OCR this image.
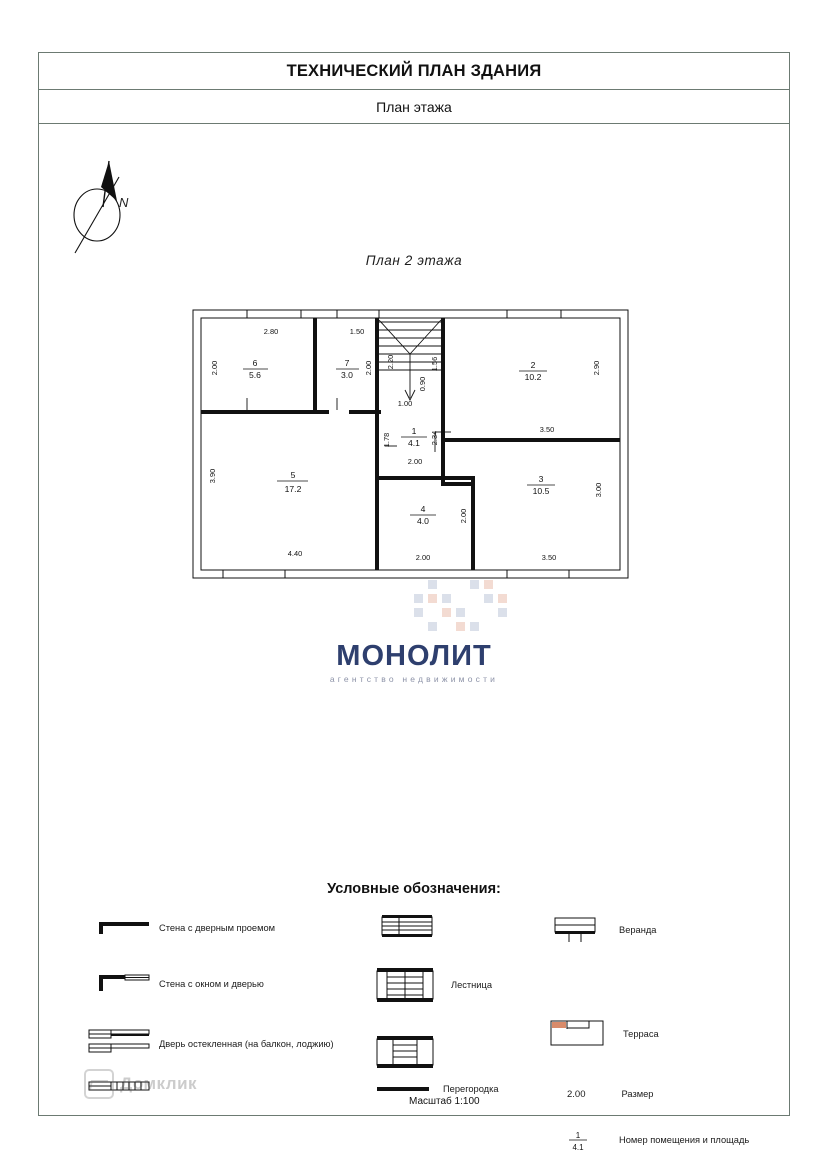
ТЕХНИЧЕСКИЙ ПЛАН ЗДАНИЯ
План этажа
N
План 2 этажа
6
5.6
7
3.0
2
10.2
5
17.2
1
4.1
3
10.5
4
4.0
2.80	1.50
2.00
3.90
2.00 2.20	1.56
0.90
1.00
1.78	2.34
2.00
2.00
2.00
2.90
3.00
3.50
4.40	3.50
МОНОЛИТ
агентство недвижимости
Условные обозначения:
Стена с дверным проемом
Стена с окном и дверью
Дверь остекленная (на балкон, лоджию)
Лестница
Перегородка
Веранда
Терраса
2.00	Размер
1
4.1
Номер помещения и площадь
Масштаб 1:100
Домклик
